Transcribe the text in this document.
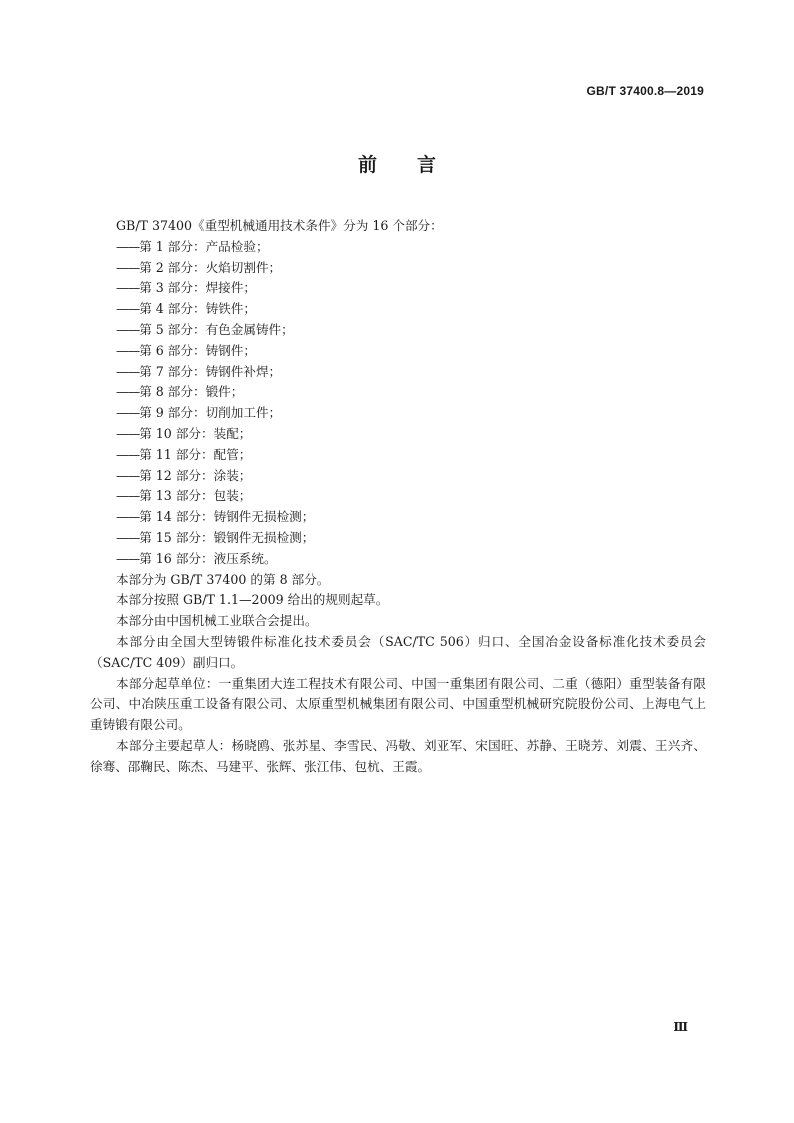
GB/T 37400.8—2019
前言
GB/T 37400《重型机械通用技术条件》分为 16 个部分：
——第 1 部分：产品检验；
——第 2 部分：火焰切割件；
——第 3 部分：焊接件；
——第 4 部分：铸铁件；
——第 5 部分：有色金属铸件；
——第 6 部分：铸钢件；
——第 7 部分：铸钢件补焊；
——第 8 部分：锻件；
——第 9 部分：切削加工件；
——第 10 部分：装配；
——第 11 部分：配管；
——第 12 部分：涂装；
——第 13 部分：包装；
——第 14 部分：铸钢件无损检测；
——第 15 部分：锻钢件无损检测；
——第 16 部分：液压系统。
本部分为 GB/T 37400 的第 8 部分。
本部分按照 GB/T 1.1—2009 给出的规则起草。
本部分由中国机械工业联合会提出。
本部分由全国大型铸锻件标准化技术委员会（SAC/TC 506）归口、全国冶金设备标准化技术委员会（SAC/TC 409）副归口。
本部分起草单位：一重集团大连工程技术有限公司、中国一重集团有限公司、二重（德阳）重型装备有限公司、中冶陕压重工设备有限公司、太原重型机械集团有限公司、中国重型机械研究院股份公司、上海电气上重铸锻有限公司。
本部分主要起草人：杨晓鸥、张苏星、李雪民、冯敬、刘亚军、宋国旺、苏静、王晓芳、刘震、王兴齐、徐骞、邵鞠民、陈杰、马建平、张辉、张江伟、包杭、王霞。
Ⅲ
